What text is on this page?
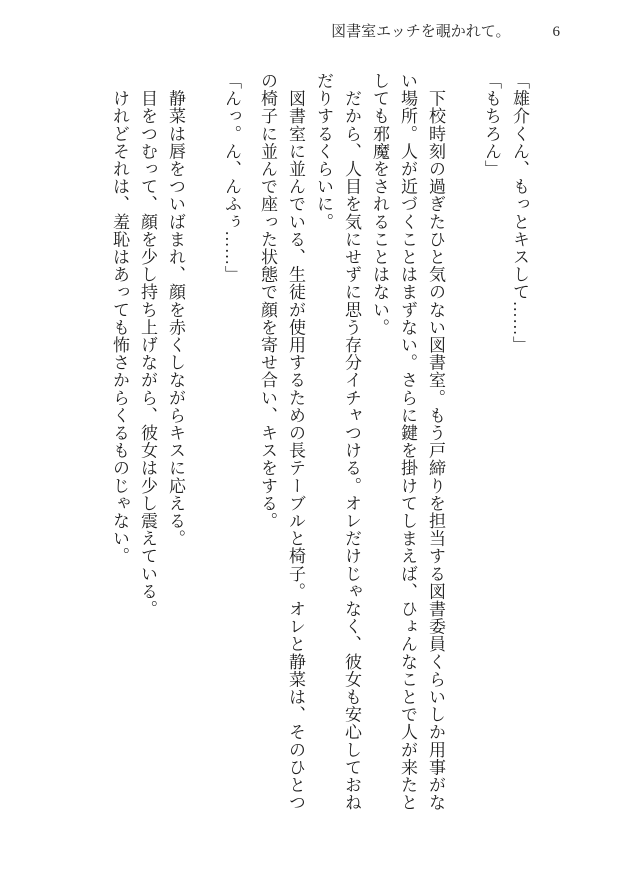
図書室エッチを覗かれて。	6

「雄介くん、もっとキスして……」

「もちろん」

　下校時刻の過ぎたひと気のない図書室。もう戸締りを担当する図書委員くらいしか用事がない場所。人が近づくことはまずない。さらに鍵を掛けてしまえば、ひょんなことで人が来たとしても邪魔をされることはない。

　だから、人目を気にせずに思う存分イチャつける。オレだけじゃなく、彼女も安心しておねだりするくらいに。

　図書室に並んでいる、生徒が使用するための長テーブルと椅子。オレと静菜は、そのひとつの椅子に並んで座った状態で顔を寄せ合い、キスをする。

「んっ。ん、んふぅ……」

　静菜は唇をついばまれ、顔を赤くしながらキスに応える。

　目をつむって、顔を少し持ち上げながら、彼女は少し震えている。

　けれどそれは、羞恥はあっても怖さからくるものじゃない。
